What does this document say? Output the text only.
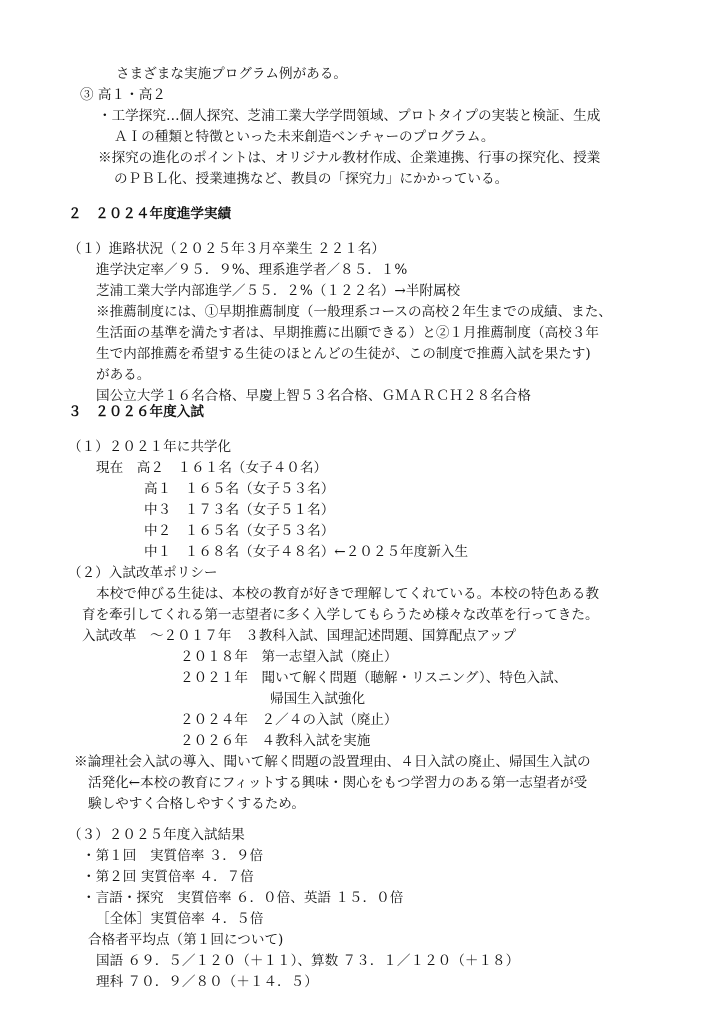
さまざまな実施プログラム例がある。
③ 高１・高２
・工学探究…個人探究、芝浦工業大学学問領域、プロトタイプの実装と検証、生成
ＡＩの種類と特徴といった未来創造ベンチャーのプログラム。
※探究の進化のポイントは、オリジナル教材作成、企業連携、行事の探究化、授業
のＰＢＬ化、授業連携など、教員の「探究力」にかかっている。
２　２０２４年度進学実績
（１）進路状況（２０２５年３月卒業生 ２２１名）
進学決定率／９５．９%、理系進学者／８５．１%
芝浦工業大学内部進学／５５．２%（１２２名）→半附属校
※推薦制度には、①早期推薦制度（一般理系コースの高校２年生までの成績、また、
生活面の基準を満たす者は、早期推薦に出願できる）と②１月推薦制度（高校３年
生で内部推薦を希望する生徒のほとんどの生徒が、この制度で推薦入試を果たす)
がある。
国公立大学１６名合格、早慶上智５３名合格、ＧＭＡＲＣＨ２８名合格
３　２０２６年度入試
（１）２０２１年に共学化
現在　高２　１６１名（女子４０名）
高１　１６５名（女子５３名）
中３　１７３名（女子５１名）
中２　１６５名（女子５３名）
中１　１６８名（女子４８名）←２０２５年度新入生
（２）入試改革ポリシー
本校で伸びる生徒は、本校の教育が好きで理解してくれている。本校の特色ある教
育を牽引してくれる第一志望者に多く入学してもらうため様々な改革を行ってきた。
入試改革　～２０１７年　３教科入試、国理記述問題、国算配点アップ
２０１８年　第一志望入試（廃止）
２０２１年　聞いて解く問題（聴解・リスニング）、特色入試、
帰国生入試強化
２０２４年　２／４の入試（廃止）
２０２６年　４教科入試を実施
※論理社会入試の導入、聞いて解く問題の設置理由、４日入試の廃止、帰国生入試の
活発化←本校の教育にフィットする興味・関心をもつ学習力のある第一志望者が受
験しやすく合格しやすくするため。
（３）２０２５年度入試結果
・第１回　実質倍率 ３．９倍
・第２回 実質倍率 ４．７倍
・言語・探究　実質倍率 ６．０倍、英語 １５．０倍
［全体］実質倍率 ４．５倍
合格者平均点（第１回について)
国語 ６９．５／１２０（＋１１）、算数 ７３．１／１２０（＋１８）
理科 ７０．９／８０（＋１４．５）
